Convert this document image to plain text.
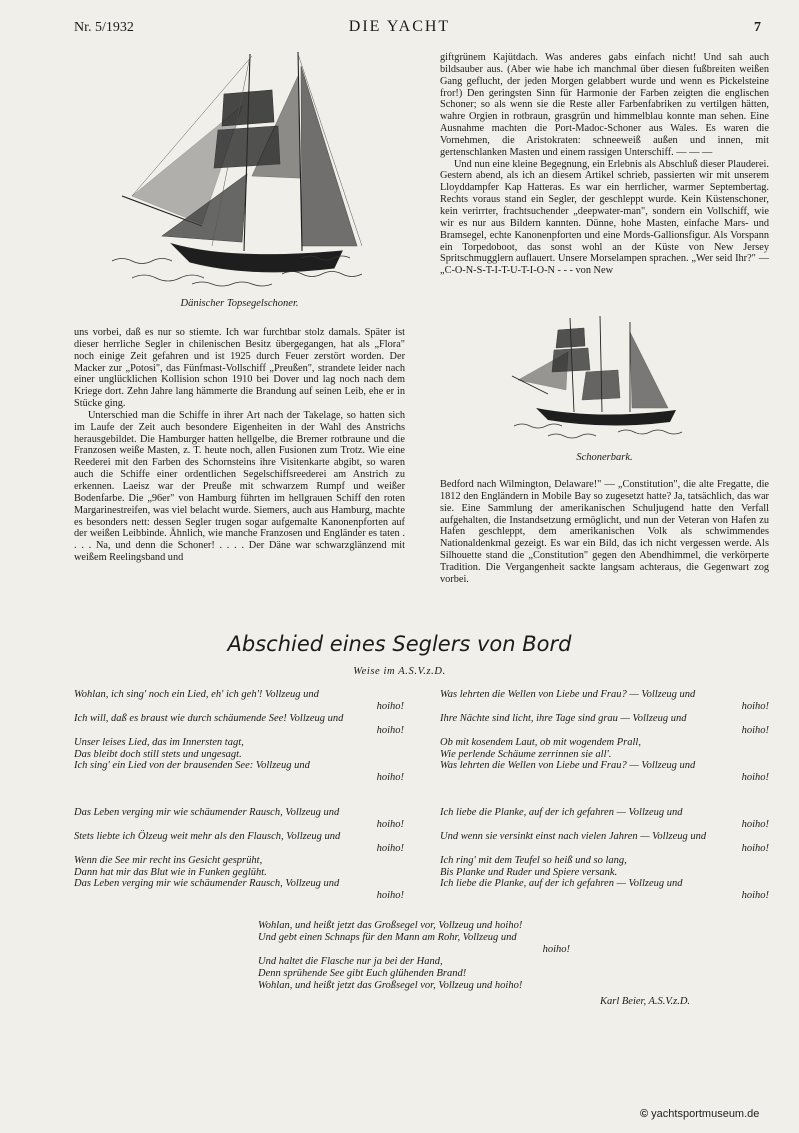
Nr. 5/1932	DIE YACHT	7
Dänischer Topsegelschoner.

giftgrünem Kajütdach. Was anderes gabs einfach nicht! Und sah auch bildsauber aus. (Aber wie habe ich manchmal über diesen fußbreiten weißen Gang geflucht, der jeden Morgen gelabbert wurde und wenn es Pickelsteine fror!) Den geringsten Sinn für Harmonie der Farben zeigten die englischen Schoner; so als wenn sie die Reste aller Farbenfabriken zu vertilgen hätten, wahre Orgien in rotbraun, grasgrün und himmelblau konnte man sehen. Eine Ausnahme machten die Port-Madoc-Schoner aus Wales. Es waren die Vornehmen, die Aristokraten: schneeweiß außen und innen, mit gertenschlanken Masten und einem rassigen Unterschiff. — — —

Und nun eine kleine Begegnung, ein Erlebnis als Abschluß dieser Plauderei. Gestern abend, als ich an diesem Artikel schrieb, passierten wir mit unserem Lloyddampfer Kap Hatteras. Es war ein herrlicher, warmer Septembertag. Rechts voraus stand ein Segler, der geschleppt wurde. Kein Küstenschoner, kein verirrter, frachtsuchender „deepwater-man", sondern ein Vollschiff, wie wir es nur aus Bildern kannten. Dünne, hohe Masten, einfache Mars- und Bramsegel, echte Kanonenpforten und eine Mords-Gallionsfigur. Als Vorspann ein Torpedoboot, das sonst wohl an der Küste von New Jersey Spritschmugglern auflauert. Unsere Morselampen sprachen. „Wer seid Ihr?" — „C-O-N-S-T-I-T-U-T-I-O-N - - - von New

Schonerbark.

uns vorbei, daß es nur so stiemte. Ich war furchtbar stolz damals. Später ist dieser herrliche Segler in chilenischen Besitz übergegangen, hat als „Flora" noch einige Zeit gefahren und ist 1925 durch Feuer zerstört worden. Der Macker zur „Potosi", das Fünfmast-Vollschiff „Preußen", strandete leider nach einer unglücklichen Kollision schon 1910 bei Dover und lag noch nach dem Kriege dort. Zehn Jahre lang hämmerte die Brandung auf seinen Leib, ehe er in Stücke ging.

Unterschied man die Schiffe in ihrer Art nach der Takelage, so hatten sich im Laufe der Zeit auch besondere Eigenheiten in der Wahl des Anstrichs herausgebildet. Die Hamburger hatten hellgelbe, die Bremer rotbraune und die Franzosen weiße Masten, z. T. heute noch, allen Fusionen zum Trotz. Wie eine Reederei mit den Farben des Schornsteins ihre Visitenkarte abgibt, so waren auch die Schiffe einer ordentlichen Segelschiffsreederei am Anstrich zu erkennen. Laeisz war der Preuße mit schwarzem Rumpf und weißer Bodenfarbe. Die „96er" von Hamburg führten im hellgrauen Schiff den roten Margarinestreifen, was viel belacht wurde. Siemers, auch aus Hamburg, machte es besonders nett: dessen Segler trugen sogar aufgemalte Kanonenpforten auf der weißen Leibbinde. Ähnlich, wie manche Franzosen und Engländer es taten . . . . Na, und denn die Schoner! . . . . Der Däne war schwarzglänzend mit weißem Reelingsband und

Bedford nach Wilmington, Delaware!" — „Constitution", die alte Fregatte, die 1812 den Engländern in Mobile Bay so zugesetzt hatte? Ja, tatsächlich, das war sie. Eine Sammlung der amerikanischen Schuljugend hatte den Verfall aufgehalten, die Instandsetzung ermöglicht, und nun der Veteran von Hafen zu Hafen geschleppt, dem amerikanischen Volk als schwimmendes Nationaldenkmal gezeigt. Es war ein Bild, das ich nicht vergessen werde. Als Silhouette stand die „Constitution" gegen den Abendhimmel, die verkörperte Tradition. Die Vergangenheit sackte langsam achteraus, die Gegenwart zog vorbei.

Abschied eines Seglers von Bord
Weise im A.S.V.z.D.
Wohlan, ich sing' noch ein Lied, eh' ich geh'! Vollzeug und
hoiho!
Ich will, daß es braust wie durch schäumende See! Vollzeug und
hoiho!
Unser leises Lied, das im Innersten tagt,
Das bleibt doch still stets und ungesagt.
Ich sing' ein Lied von der brausenden See: Vollzeug und
hoiho!
Das Leben verging mir wie schäumender Rausch, Vollzeug und
hoiho!
Stets liebte ich Ölzeug weit mehr als den Flausch, Vollzeug und
hoiho!
Wenn die See mir recht ins Gesicht gesprüht,
Dann hat mir das Blut wie in Funken geglüht.
Das Leben verging mir wie schäumender Rausch, Vollzeug und
hoiho!
Was lehrten die Wellen von Liebe und Frau? — Vollzeug und
hoiho!
Ihre Nächte sind licht, ihre Tage sind grau — Vollzeug und
hoiho!
Ob mit kosendem Laut, ob mit wogendem Prall,
Wie perlende Schäume zerrinnen sie all'.
Was lehrten die Wellen von Liebe und Frau? — Vollzeug und
hoiho!
Ich liebe die Planke, auf der ich gefahren — Vollzeug und
hoiho!
Und wenn sie versinkt einst nach vielen Jahren — Vollzeug und
hoiho!
Ich ring' mit dem Teufel so heiß und so lang,
Bis Planke und Ruder und Spiere versank.
Ich liebe die Planke, auf der ich gefahren — Vollzeug und
hoiho!
Wohlan, und heißt jetzt das Großsegel vor, Vollzeug und hoiho!
Und gebt einen Schnaps für den Mann am Rohr, Vollzeug und
hoiho!
Und haltet die Flasche nur ja bei der Hand,
Denn sprühende See gibt Euch glühenden Brand!
Wohlan, und heißt jetzt das Großsegel vor, Vollzeug und hoiho!
Karl Beier, A.S.V.z.D.
© yachtsportmuseum.de
